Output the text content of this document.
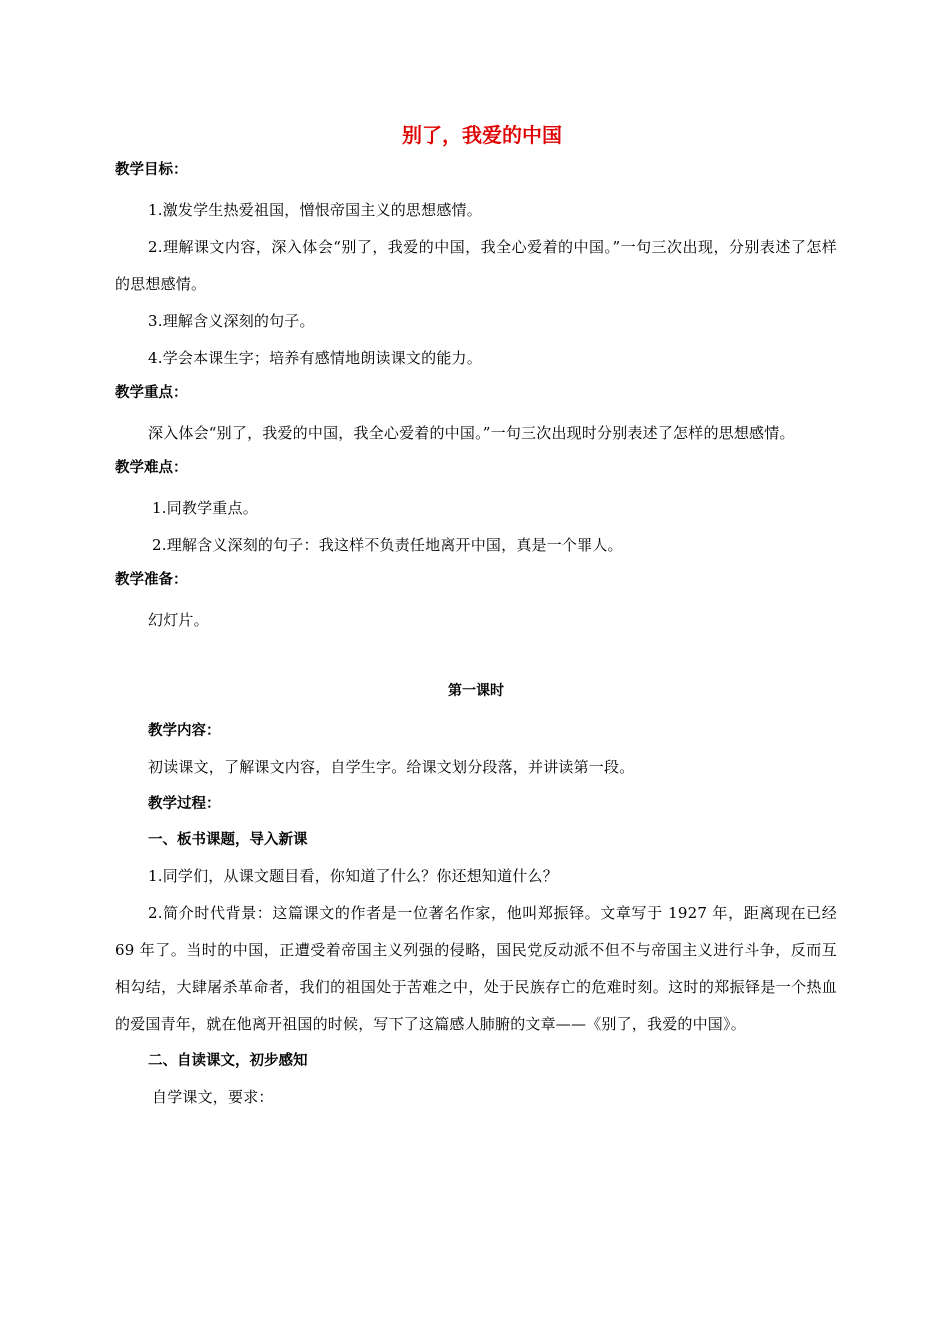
别了，我爱的中国
教学目标：

1.激发学生热爱祖国，憎恨帝国主义的思想感情。

2.理解课文内容，深入体会“别了，我爱的中国，我全心爱着的中国。”一句三次出现，分别表述了怎样的思想感情。

3.理解含义深刻的句子。

4.学会本课生字；培养有感情地朗读课文的能力。

教学重点：

深入体会“别了，我爱的中国，我全心爱着的中国。”一句三次出现时分别表述了怎样的思想感情。

教学难点：

1.同教学重点。

2.理解含义深刻的句子：我这样不负责任地离开中国，真是一个罪人。

教学准备：

幻灯片。

第一课时
教学内容：

初读课文，了解课文内容，自学生字。给课文划分段落，并讲读第一段。

教学过程：
一、板书课题，导入新课

1.同学们，从课文题目看，你知道了什么？你还想知道什么？

2.简介时代背景：这篇课文的作者是一位著名作家，他叫郑振铎。文章写于 1927 年，距离现在已经 69 年了。当时的中国，正遭受着帝国主义列强的侵略，国民党反动派不但不与帝国主义进行斗争，反而互相勾结，大肆屠杀革命者，我们的祖国处于苦难之中，处于民族存亡的危难时刻。这时的郑振铎是一个热血的爱国青年，就在他离开祖国的时候，写下了这篇感人肺腑的文章——《别了，我爱的中国》。

二、自读课文，初步感知

自学课文，要求：
